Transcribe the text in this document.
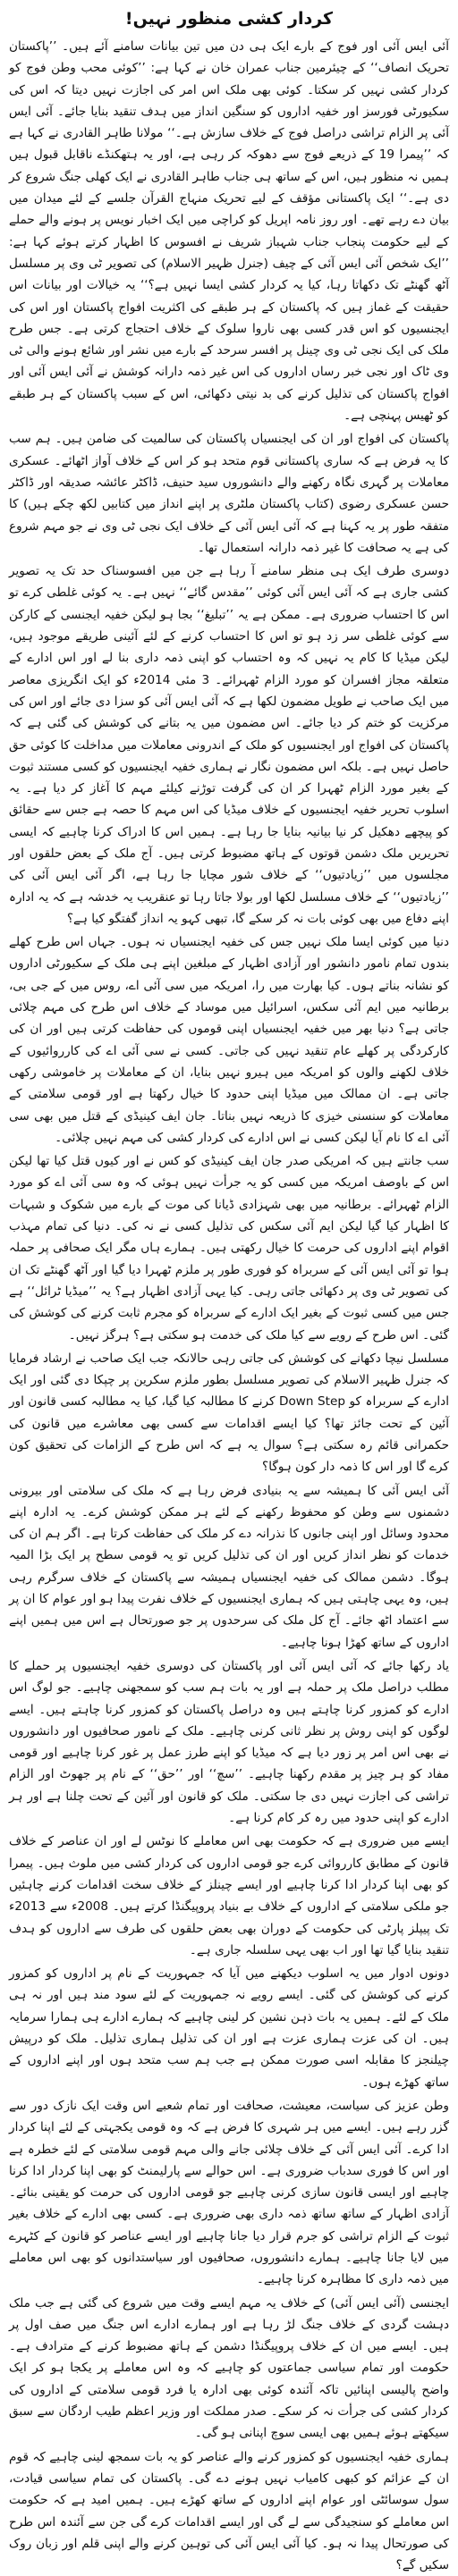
کردار کشی منظور نہیں!

آئی ایس آئی اور فوج کے بارے ایک ہی دن میں تین بیانات سامنے آئے ہیں۔ ’’پاکستان تحریک انصاف‘‘ کے چیئرمین جناب عمران خان نے کہا ہے: ’’کوئی محب وطن فوج کو کردار کشی نہیں کر سکتا۔ کوئی بھی ملک اس امر کی اجازت نہیں دیتا کہ اس کی سکیورٹی فورسز اور خفیہ اداروں کو سنگین انداز میں ہدف تنقید بنایا جائے۔ آئی ایس آئی پر الزام تراشی دراصل فوج کے خلاف سازش ہے۔‘‘ مولانا طاہر القادری نے کہا ہے کہ ’’پیمرا 19 کے ذریعے فوج سے دھوکہ کر رہی ہے، اور یہ ہتھکنڈے ناقابل قبول ہیں ہمیں نہ منظور ہیں، اس کے ساتھ ہی جناب طاہر القادری نے ایک کھلی جنگ شروع کر دی ہے۔‘‘ ایک پاکستانی مؤقف کے لیے تحریک منہاج القرآن جلسے کے لئے میدان میں بیان دے رہے تھے۔ اور روز نامہ اپریل کو کراچی میں ایک اخبار نویس پر ہونے والے حملے کے لیے حکومت پنجاب جناب شہباز شریف نے افسوس کا اظہار کرتے ہوئے کہا ہے: ’’ایک شخص آئی ایس آئی کے چیف (جنرل ظہیر الاسلام) کی تصویر ٹی وی پر مسلسل آٹھ گھنٹے تک دکھاتا رہا، کیا یہ کردار کشی ایسا نہیں ہے؟‘‘ یہ خیالات اور بیانات اس حقیقت کے غماز ہیں کہ پاکستان کے ہر طبقے کی اکثریت افواج پاکستان اور اس کی ایجنسیوں کو اس قدر کسی بھی ناروا سلوک کے خلاف احتجاج کرتی ہے۔ جس طرح ملک کی ایک نجی ٹی وی چینل پر افسر سرحد کے بارے میں نشر اور شائع ہونے والی ٹی وی ٹاک اور نجی خبر رساں اداروں کی اس غیر ذمہ دارانہ کوشش نے آئی ایس آئی اور افواج پاکستان کی تذلیل کرنے کی بد نیتی دکھائی، اس کے سبب پاکستان کے ہر طبقے کو ٹھیس پہنچی ہے۔

پاکستان کی افواج اور ان کی ایجنسیاں پاکستان کی سالمیت کی ضامن ہیں۔ ہم سب کا یہ فرض ہے کہ ساری پاکستانی قوم متحد ہو کر اس کے خلاف آواز اٹھائے۔ عسکری معاملات پر گہری نگاہ رکھنے والے دانشوروں سید حنیف، ڈاکٹر عائشہ صدیقہ اور ڈاکٹر حسن عسکری رضوی (کتاب پاکستان ملٹری پر اپنے انداز میں کتابیں لکھ چکے ہیں) کا متفقہ طور پر یہ کہنا ہے کہ آئی ایس آئی کے خلاف ایک نجی ٹی وی نے جو مہم شروع کی ہے یہ صحافت کا غیر ذمہ دارانہ استعمال تھا۔

دوسری طرف ایک ہی منظر سامنے آ رہا ہے جن میں افسوسناک حد تک یہ تصویر کشی جاری ہے کہ آئی ایس آئی کوئی ’’مقدس گائے‘‘ نہیں ہے۔ یہ کوئی غلطی کرے تو اس کا احتساب ضروری ہے۔ ممکن ہے یہ ’’تبلیغ‘‘ بجا ہو لیکن خفیہ ایجنسی کے کارکن سے کوئی غلطی سر زد ہو تو اس کا احتساب کرنے کے لئے آئینی طریقے موجود ہیں، لیکن میڈیا کا کام یہ نہیں کہ وہ احتساب کو اپنی ذمہ داری بنا لے اور اس ادارے کے متعلقہ مجاز افسران کو مورد الزام ٹھہرائے۔ 3 مئی 2014ء کو ایک انگریزی معاصر میں ایک صاحب نے طویل مضمون لکھا ہے کہ آئی ایس آئی کو سزا دی جائے اور اس کی مرکزیت کو ختم کر دیا جائے۔ اس مضمون میں یہ بتانے کی کوشش کی گئی ہے کہ پاکستان کی افواج اور ایجنسیوں کو ملک کے اندرونی معاملات میں مداخلت کا کوئی حق حاصل نہیں ہے۔ بلکہ اس مضمون نگار نے ہماری خفیہ ایجنسیوں کو کسی مستند ثبوت کے بغیر مورد الزام ٹھہرا کر ان کی گرفت توڑنے کیلئے مہم کا آغاز کر دیا ہے۔ یہ اسلوب تحریر خفیہ ایجنسیوں کے خلاف میڈیا کی اس مہم کا حصہ ہے جس سے حقائق کو پیچھے دھکیل کر نیا بیانیہ بنایا جا رہا ہے۔ ہمیں اس کا ادراک کرنا چاہیے کہ ایسی تحریریں ملک دشمن قوتوں کے ہاتھ مضبوط کرتی ہیں۔ آج ملک کے بعض حلقوں اور مجلسوں میں ’’زیادتیوں‘‘ کے خلاف شور مچایا جا رہا ہے، اگر آئی ایس آئی کی ’’زیادتیوں‘‘ کے خلاف مسلسل لکھا اور بولا جاتا رہا تو عنقریب یہ خدشہ ہے کہ یہ ادارہ اپنے دفاع میں بھی کوئی بات نہ کر سکے گا، تبھی کہو یہ انداز گفتگو کیا ہے؟

دنیا میں کوئی ایسا ملک نہیں جس کی خفیہ ایجنسیاں نہ ہوں۔ جہاں اس طرح کھلے بندوں تمام نامور دانشور اور آزادی اظہار کے مبلغین اپنے ہی ملک کے سکیورٹی اداروں کو نشانہ بناتے ہوں۔ کیا بھارت میں را، امریکہ میں سی آئی اے، روس میں کے جی بی، برطانیہ میں ایم آئی سکس، اسرائیل میں موساد کے خلاف اس طرح کی مہم چلائی جاتی ہے؟ دنیا بھر میں خفیہ ایجنسیاں اپنی قوموں کی حفاظت کرتی ہیں اور ان کی کارکردگی پر کھلے عام تنقید نہیں کی جاتی۔ کسی نے سی آئی اے کی کارروائیوں کے خلاف لکھنے والوں کو امریکہ میں ہیرو نہیں بنایا، ان کے معاملات پر خاموشی رکھی جاتی ہے۔ ان ممالک میں میڈیا اپنی حدود کا خیال رکھتا ہے اور قومی سلامتی کے معاملات کو سنسنی خیزی کا ذریعہ نہیں بناتا۔ جان ایف کینیڈی کے قتل میں بھی سی آئی اے کا نام آیا لیکن کسی نے اس ادارے کی کردار کشی کی مہم نہیں چلائی۔

سب جانتے ہیں کہ امریکی صدر جان ایف کینیڈی کو کس نے اور کیوں قتل کیا تھا لیکن اس کے باوصف امریکہ میں کسی کو یہ جرأت نہیں ہوئی کہ وہ سی آئی اے کو مورد الزام ٹھہرائے۔ برطانیہ میں بھی شہزادی ڈیانا کی موت کے بارے میں شکوک و شبہات کا اظہار کیا گیا لیکن ایم آئی سکس کی تذلیل کسی نے نہ کی۔ دنیا کی تمام مہذب اقوام اپنے اداروں کی حرمت کا خیال رکھتی ہیں۔ ہمارے ہاں مگر ایک صحافی پر حملہ ہوا تو آئی ایس آئی کے سربراہ کو فوری طور پر ملزم ٹھہرا دیا گیا اور آٹھ گھنٹے تک ان کی تصویر ٹی وی پر دکھائی جاتی رہی۔ کیا یہی آزادی اظہار ہے؟ یہ ’’میڈیا ٹرائل‘‘ ہے جس میں کسی ثبوت کے بغیر ایک ادارے کے سربراہ کو مجرم ثابت کرنے کی کوشش کی گئی۔ اس طرح کے رویے سے کیا ملک کی خدمت ہو سکتی ہے؟ ہرگز نہیں۔

مسلسل نیچا دکھانے کی کوشش کی جاتی رہی حالانکہ جب ایک صاحب نے ارشاد فرمایا کہ جنرل ظہیر الاسلام کی تصویر مسلسل بطور ملزم سکرین پر چپکا دی گئی اور ایک ادارے کے سربراہ کو Down Step کرنے کا مطالبہ کیا گیا، کیا یہ مطالبہ کسی قانون اور آئین کے تحت جائز تھا؟ کیا ایسے اقدامات سے کسی بھی معاشرے میں قانون کی حکمرانی قائم رہ سکتی ہے؟ سوال یہ ہے کہ اس طرح کے الزامات کی تحقیق کون کرے گا اور اس کا ذمہ دار کون ہوگا؟

آئی ایس آئی کا ہمیشہ سے یہ بنیادی فرض رہا ہے کہ ملک کی سلامتی اور بیرونی دشمنوں سے وطن کو محفوظ رکھنے کے لئے ہر ممکن کوشش کرے۔ یہ ادارہ اپنے محدود وسائل اور اپنی جانوں کا نذرانہ دے کر ملک کی حفاظت کرتا ہے۔ اگر ہم ان کی خدمات کو نظر انداز کریں اور ان کی تذلیل کریں تو یہ قومی سطح پر ایک بڑا المیہ ہوگا۔ دشمن ممالک کی خفیہ ایجنسیاں ہمیشہ سے پاکستان کے خلاف سرگرم رہی ہیں، وہ یہی چاہتی ہیں کہ ہماری ایجنسیوں کے خلاف نفرت پیدا ہو اور عوام کا ان پر سے اعتماد اٹھ جائے۔ آج کل ملک کی سرحدوں پر جو صورتحال ہے اس میں ہمیں اپنے اداروں کے ساتھ کھڑا ہونا چاہیے۔

یاد رکھا جائے کہ آئی ایس آئی اور پاکستان کی دوسری خفیہ ایجنسیوں پر حملے کا مطلب دراصل ملک پر حملہ ہے اور یہ بات ہم سب کو سمجھنی چاہیے۔ جو لوگ اس ادارے کو کمزور کرنا چاہتے ہیں وہ دراصل پاکستان کو کمزور کرنا چاہتے ہیں۔ ایسے لوگوں کو اپنی روش پر نظر ثانی کرنی چاہیے۔ ملک کے نامور صحافیوں اور دانشوروں نے بھی اس امر پر زور دیا ہے کہ میڈیا کو اپنے طرز عمل پر غور کرنا چاہیے اور قومی مفاد کو ہر چیز پر مقدم رکھنا چاہیے۔ ’’سچ‘‘ اور ’’حق‘‘ کے نام پر جھوٹ اور الزام تراشی کی اجازت نہیں دی جا سکتی۔ ملک کو قانون اور آئین کے تحت چلنا ہے اور ہر ادارے کو اپنی حدود میں رہ کر کام کرنا ہے۔

ایسے میں ضروری ہے کہ حکومت بھی اس معاملے کا نوٹس لے اور ان عناصر کے خلاف قانون کے مطابق کارروائی کرے جو قومی اداروں کی کردار کشی میں ملوث ہیں۔ پیمرا کو بھی اپنا کردار ادا کرنا چاہیے اور ایسے چینلز کے خلاف سخت اقدامات کرنے چاہئیں جو ملکی سلامتی کے اداروں کے خلاف بے بنیاد پروپیگنڈا کرتے ہیں۔ 2008ء سے 2013ء تک پیپلز پارٹی کی حکومت کے دوران بھی بعض حلقوں کی طرف سے اداروں کو ہدف تنقید بنایا گیا تھا اور اب بھی یہی سلسلہ جاری ہے۔

دونوں ادوار میں یہ اسلوب دیکھنے میں آیا کہ جمہوریت کے نام پر اداروں کو کمزور کرنے کی کوشش کی گئی۔ ایسے رویے نہ جمہوریت کے لئے سود مند ہیں اور نہ ہی ملک کے لئے۔ ہمیں یہ بات ذہن نشین کر لینی چاہیے کہ ہمارے ادارے ہی ہمارا سرمایہ ہیں۔ ان کی عزت ہماری عزت ہے اور ان کی تذلیل ہماری تذلیل۔ ملک کو درپیش چیلنجز کا مقابلہ اسی صورت ممکن ہے جب ہم سب متحد ہوں اور اپنے اداروں کے ساتھ کھڑے ہوں۔

وطن عزیز کی سیاست، معیشت، صحافت اور تمام شعبے اس وقت ایک نازک دور سے گزر رہے ہیں۔ ایسے میں ہر شہری کا فرض ہے کہ وہ قومی یکجہتی کے لئے اپنا کردار ادا کرے۔ آئی ایس آئی کے خلاف چلائی جانے والی مہم قومی سلامتی کے لئے خطرہ ہے اور اس کا فوری سدباب ضروری ہے۔ اس حوالے سے پارلیمنٹ کو بھی اپنا کردار ادا کرنا چاہیے اور ایسی قانون سازی کرنی چاہیے جو قومی اداروں کی حرمت کو یقینی بنائے۔ آزادی اظہار کے ساتھ ساتھ ذمہ داری بھی ضروری ہے۔ کسی بھی ادارے کے خلاف بغیر ثبوت کے الزام تراشی کو جرم قرار دیا جانا چاہیے اور ایسے عناصر کو قانون کے کٹہرے میں لایا جانا چاہیے۔ ہمارے دانشوروں، صحافیوں اور سیاستدانوں کو بھی اس معاملے میں ذمہ داری کا مظاہرہ کرنا چاہیے۔

ایجنسی (آئی ایس آئی) کے خلاف یہ مہم ایسے وقت میں شروع کی گئی ہے جب ملک دہشت گردی کے خلاف جنگ لڑ رہا ہے اور ہمارے ادارے اس جنگ میں صف اول پر ہیں۔ ایسے میں ان کے خلاف پروپیگنڈا دشمن کے ہاتھ مضبوط کرنے کے مترادف ہے۔ حکومت اور تمام سیاسی جماعتوں کو چاہیے کہ وہ اس معاملے پر یکجا ہو کر ایک واضح پالیسی اپنائیں تاکہ آئندہ کوئی بھی ادارہ یا فرد قومی سلامتی کے اداروں کی کردار کشی کی جرأت نہ کر سکے۔ صدر مملکت اور وزیر اعظم طیب اردگان سے سبق سیکھتے ہوئے ہمیں بھی ایسی سوچ اپنانی ہو گی۔

ہماری خفیہ ایجنسیوں کو کمزور کرنے والے عناصر کو یہ بات سمجھ لینی چاہیے کہ قوم ان کے عزائم کو کبھی کامیاب نہیں ہونے دے گی۔ پاکستان کی تمام سیاسی قیادت، سول سوسائٹی اور عوام اپنے اداروں کے ساتھ کھڑے ہیں۔ ہمیں امید ہے کہ حکومت اس معاملے کو سنجیدگی سے لے گی اور ایسے اقدامات کرے گی جن سے آئندہ اس طرح کی صورتحال پیدا نہ ہو۔ کیا آئی ایس آئی کی توہین کرنے والے اپنی قلم اور زبان روک سکیں گے؟
